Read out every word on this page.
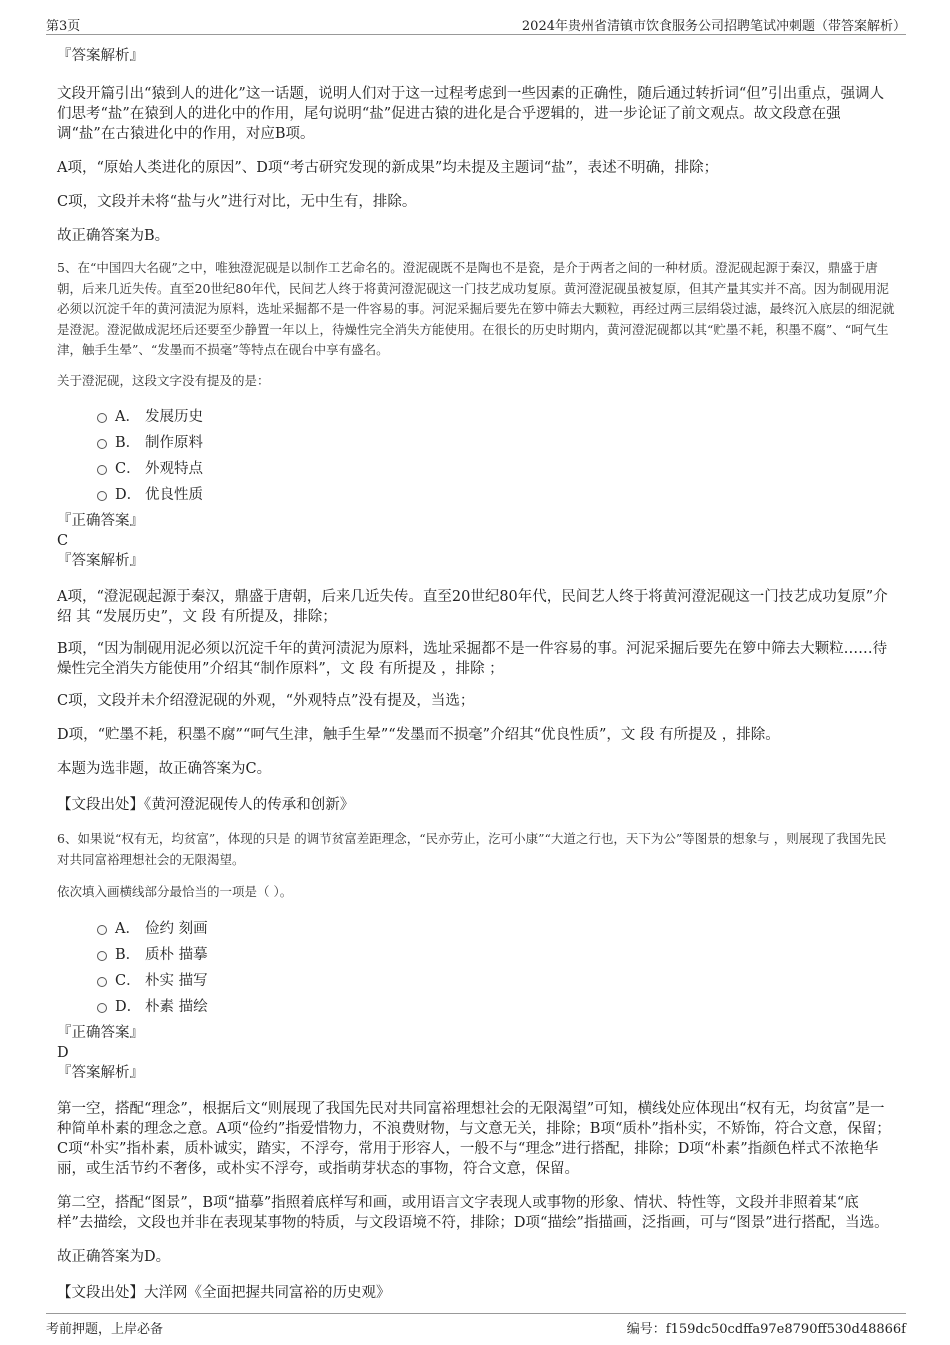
第3页	2024年贵州省清镇市饮食服务公司招聘笔试冲刺题（带答案解析）

『答案解析』

文段开篇引出“猿到人的进化”这一话题，说明人们对于这一过程考虑到一些因素的正确性，随后通过转折词“但”引出重点，强调人们思考“盐”在猿到人的进化中的作用，尾句说明“盐”促进古猿的进化是合乎逻辑的，进一步论证了前文观点。故文段意在强调“盐”在古猿进化中的作用，对应B项。

A项，“原始人类进化的原因”、D项“考古研究发现的新成果”均未提及主题词“盐”，表述不明确，排除；

C项，文段并未将“盐与火”进行对比，无中生有，排除。

故正确答案为B。

5、在“中国四大名砚”之中，唯独澄泥砚是以制作工艺命名的。澄泥砚既不是陶也不是瓷，是介于两者之间的一种材质。澄泥砚起源于秦汉，鼎盛于唐朝，后来几近失传。直至20世纪80年代，民间艺人终于将黄河澄泥砚这一门技艺成功复原。黄河澄泥砚虽被复原，但其产量其实并不高。因为制砚用泥必须以沉淀千年的黄河渍泥为原料，选址采掘都不是一件容易的事。河泥采掘后要先在箩中筛去大颗粒，再经过两三层绢袋过滤，最终沉入底层的细泥就是澄泥。澄泥做成泥坯后还要至少静置一年以上，待燥性完全消失方能使用。在很长的历史时期内，黄河澄泥砚都以其“贮墨不耗，积墨不腐”、“呵气生津，触手生晕”、“发墨而不损毫”等特点在砚台中享有盛名。

关于澄泥砚，这段文字没有提及的是：

A． 发展历史
B． 制作原料
C． 外观特点
D． 优良性质

『正确答案』

C

『答案解析』

A项，“澄泥砚起源于秦汉，鼎盛于唐朝，后来几近失传。直至20世纪80年代，民间艺人终于将黄河澄泥砚这一门技艺成功复原”介绍 其 “发展历史”，文 段 有所提及，排除；

B项，“因为制砚用泥必须以沉淀千年的黄河渍泥为原料，选址采掘都不是一件容易的事。河泥采掘后要先在箩中筛去大颗粒……待燥性完全消失方能使用”介绍其“制作原料”，文 段 有所提及 ，排除 ；

C项，文段并未介绍澄泥砚的外观，“外观特点”没有提及，当选；

D项，“贮墨不耗，积墨不腐”“呵气生津，触手生晕”“发墨而不损毫”介绍其“优良性质”，文 段 有所提及 ，排除。

本题为选非题，故正确答案为C。

【文段出处】《黄河澄泥砚传人的传承和创新》

6、如果说“权有无，均贫富”，体现的只是 的调节贫富差距理念，“民亦劳止，汔可小康”“大道之行也，天下为公”等图景的想象与 ，则展现了我国先民对共同富裕理想社会的无限渴望。

依次填入画横线部分最恰当的一项是（ ）。

A． 俭约 刻画
B． 质朴 描摹
C． 朴实 描写
D． 朴素 描绘

『正确答案』

D

『答案解析』

第一空，搭配“理念”，根据后文“则展现了我国先民对共同富裕理想社会的无限渴望”可知，横线处应体现出“权有无，均贫富”是一种简单朴素的理念之意。A项“俭约”指爱惜物力，不浪费财物，与文意无关，排除；B项“质朴”指朴实，不矫饰，符合文意，保留；C项“朴实”指朴素，质朴诚实，踏实，不浮夸，常用于形容人，一般不与“理念”进行搭配，排除；D项“朴素”指颜色样式不浓艳华丽，或生活节约不奢侈，或朴实不浮夸，或指萌芽状态的事物，符合文意，保留。

第二空，搭配“图景”，B项“描摹”指照着底样写和画，或用语言文字表现人或事物的形象、情状、特性等，文段并非照着某“底样”去描绘，文段也并非在表现某事物的特质，与文段语境不符，排除；D项“描绘”指描画，泛指画，可与“图景”进行搭配，当选。

故正确答案为D。

【文段出处】大洋网《全面把握共同富裕的历史观》

考前押题，上岸必备	编号：f159dc50cdffa97e8790ff530d48866f
